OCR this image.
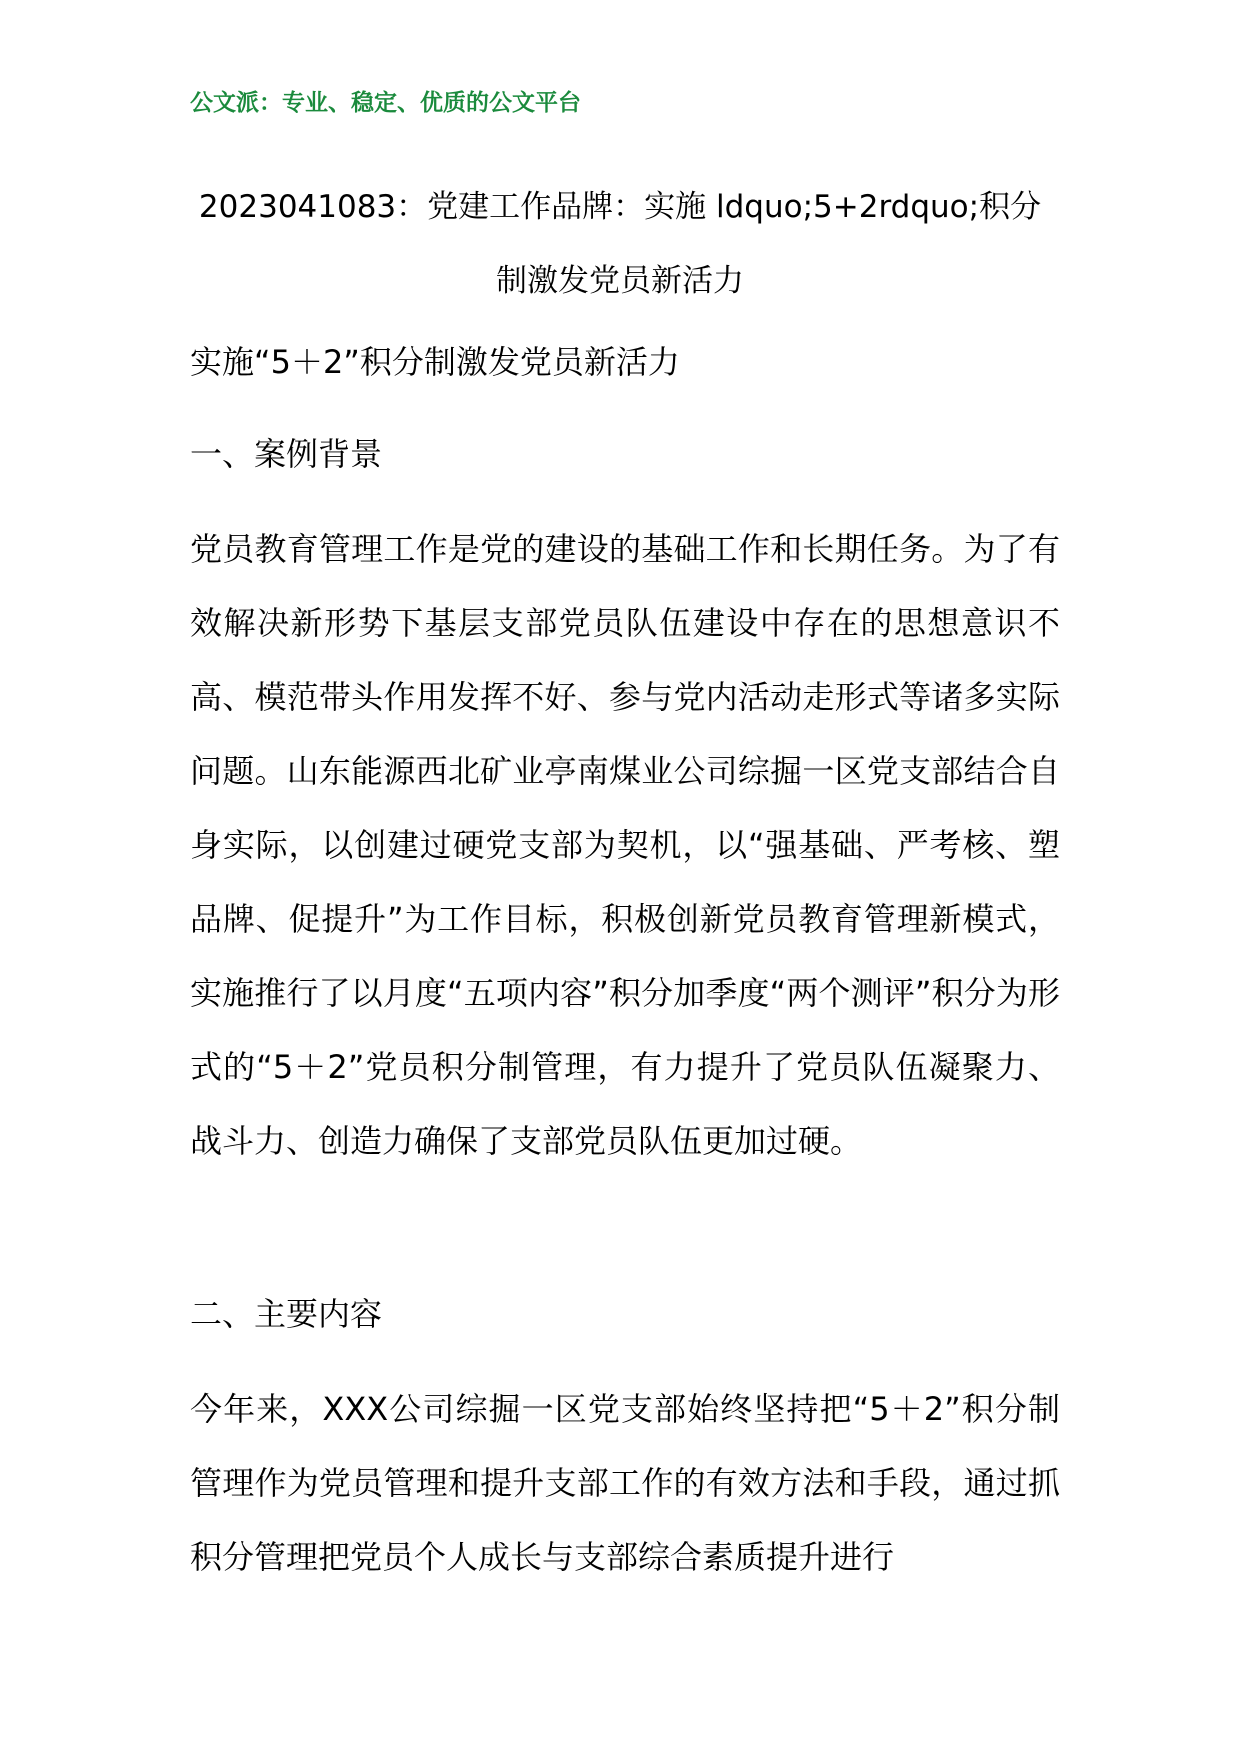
公文派：专业、稳定、优质的公文平台
2023041083：党建工作品牌：实施 ldquo;5+2rdquo;积分制激发党员新活力
实施“5＋2”积分制激发党员新活力
一、案例背景
党员教育管理工作是党的建设的基础工作和长期任务。为了有效解决新形势下基层支部党员队伍建设中存在的思想意识不高、模范带头作用发挥不好、参与党内活动走形式等诸多实际问题。山东能源西北矿业亭南煤业公司综掘一区党支部结合自身实际，以创建过硬党支部为契机，以“强基础、严考核、塑品牌、促提升”为工作目标，积极创新党员教育管理新模式，实施推行了以月度“五项内容”积分加季度“两个测评”积分为形式的“5＋2”党员积分制管理，有力提升了党员队伍凝聚力、战斗力、创造力确保了支部党员队伍更加过硬。
二、主要内容
今年来，XXX公司综掘一区党支部始终坚持把“5＋2”积分制管理作为党员管理和提升支部工作的有效方法和手段，通过抓积分管理把党员个人成长与支部综合素质提升进行
